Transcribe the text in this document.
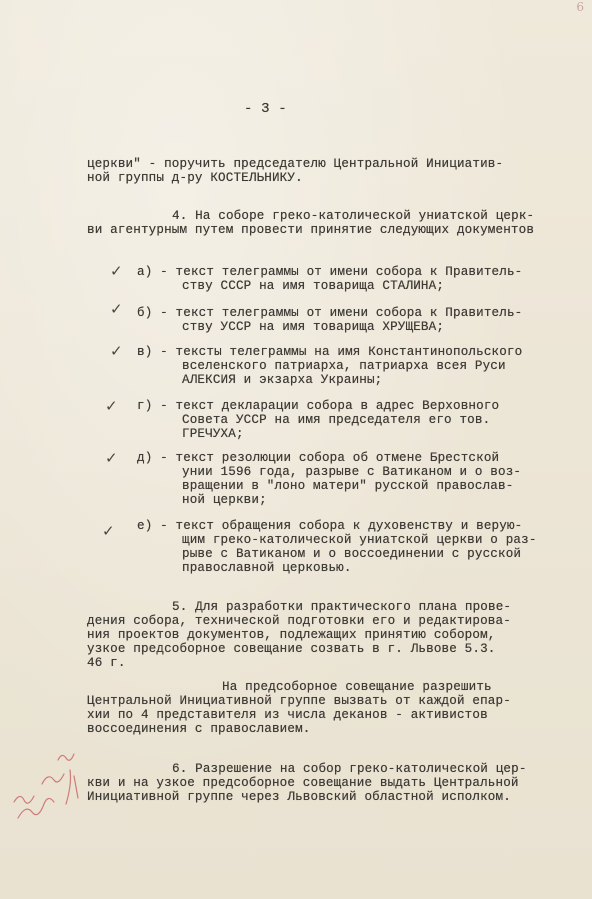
6
- 3 -
церкви" - поручить председателю Центральной Инициатив-
ной группы д-ру КОСТЕЛЬНИКУ.
4. На соборе греко-католической униатской церк-
ви агентурным путем провести принятие следующих документов
а) - текст телеграммы от имени собора к Правитель-
ству СССР на имя товарища СТАЛИНА;
б) - текст телеграммы от имени собора к Правитель-
ству УССР на имя товарища ХРУЩЕВА;
в) - тексты телеграммы на имя Константинопольского
вселенского патриарха, патриарха всея Руси
АЛЕКСИЯ и экзарха Украины;
г) - текст декларации собора в адрес Верховного
Совета УССР на имя председателя его тов.
ГРЕЧУХА;
д) - текст резолюции собора об отмене Брестской
унии 1596 года, разрыве с Ватиканом и о воз-
вращении в "лоно матери" русской православ-
ной церкви;
е) - текст обращения собора к духовенству и верую-
щим греко-католической униатской церкви о раз-
рыве с Ватиканом и о воссоединении с русской
православной церковью.
5. Для разработки практического плана прове-
дения собора, технической подготовки его и редактирова-
ния проектов документов, подлежащих принятию собором,
узкое предсоборное совещание созвать в г. Львове 5.3.
46 г.
На предсоборное совещание разрешить
Центральной Инициативной группе вызвать от каждой епар-
хии по 4 представителя из числа деканов - активистов
воссоединения с православием.
6. Разрешение на собор греко-католической цер-
кви и на узкое предсоборное совещание выдать Центральной
Инициативной группе через Львовский областной исполком.
✓
✓
✓
✓
✓
✓
